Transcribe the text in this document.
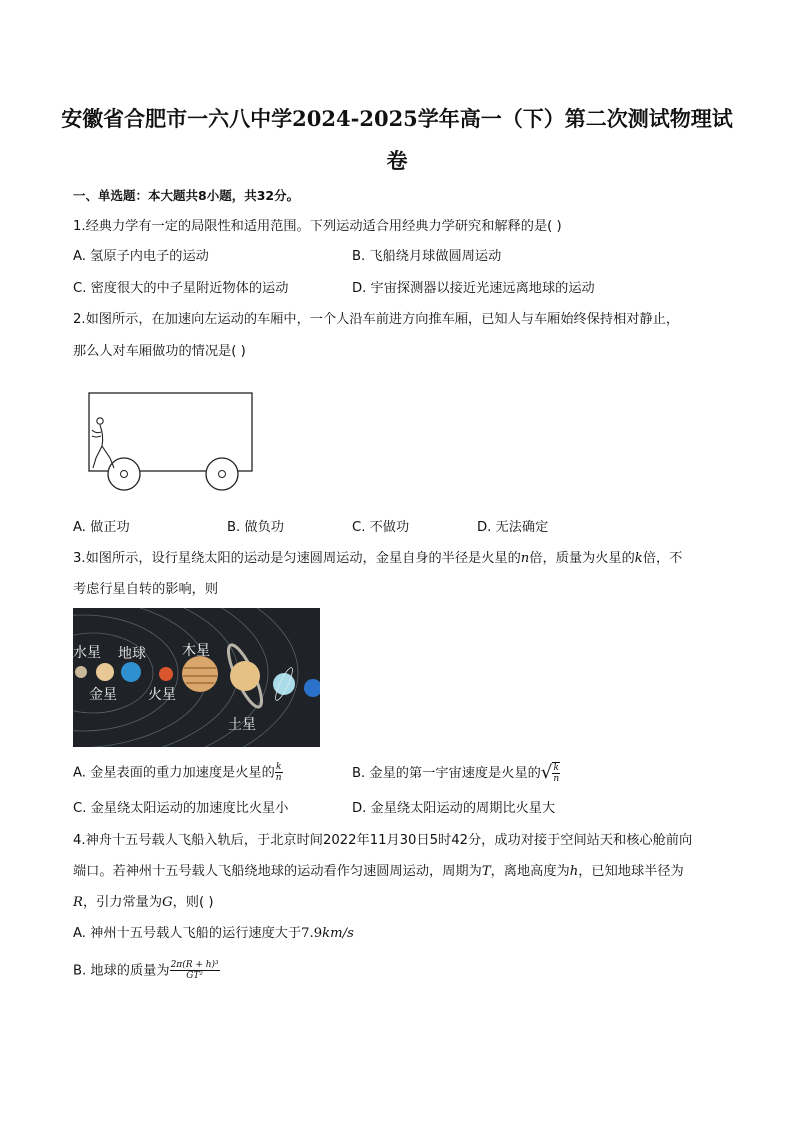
安徽省合肥市一六八中学2024-2025学年高一（下）第二次测试物理试
卷
一、单选题：本大题共8小题，共32分。
1.经典力学有一定的局限性和适用范围。下列运动适合用经典力学研究和解释的是( )
A. 氢原子内电子的运动	B. 飞船绕月球做圆周运动
C. 密度很大的中子星附近物体的运动	D. 宇宙探测器以接近光速远离地球的运动
2.如图所示，在加速向左运动的车厢中，一个人沿车前进方向推车厢，已知人与车厢始终保持相对静止，
那么人对车厢做功的情况是( )
A. 做正功	B. 做负功	C. 不做功	D. 无法确定
3.如图所示，设行星绕太阳的运动是匀速圆周运动，金星自身的半径是火星的n倍，质量为火星的k倍，不
考虑行星自转的影响，则
水星 地球	木星
金星 火星
土星
A. 金星表面的重力加速度是火星的 $\frac{k}{n}$	B. 金星的第一宇宙速度是火星的√ $\frac{k}{n}$
C. 金星绕太阳运动的加速度比火星小	D. 金星绕太阳运动的周期比火星大
4.神舟十五号载人飞船入轨后，于北京时间2022年11月30日5时42分，成功对接于空间站天和核心舱前向
端口。若神州十五号载人飞船绕地球的运动看作匀速圆周运动，周期为T，离地高度为h，已知地球半径为
R，引力常量为G，则( )
A. 神州十五号载人飞船的运行速度大于7.9km/s
B. 地球的质量为 $\frac{\text{2π(R + h)³}}{\text{GT²}}$
